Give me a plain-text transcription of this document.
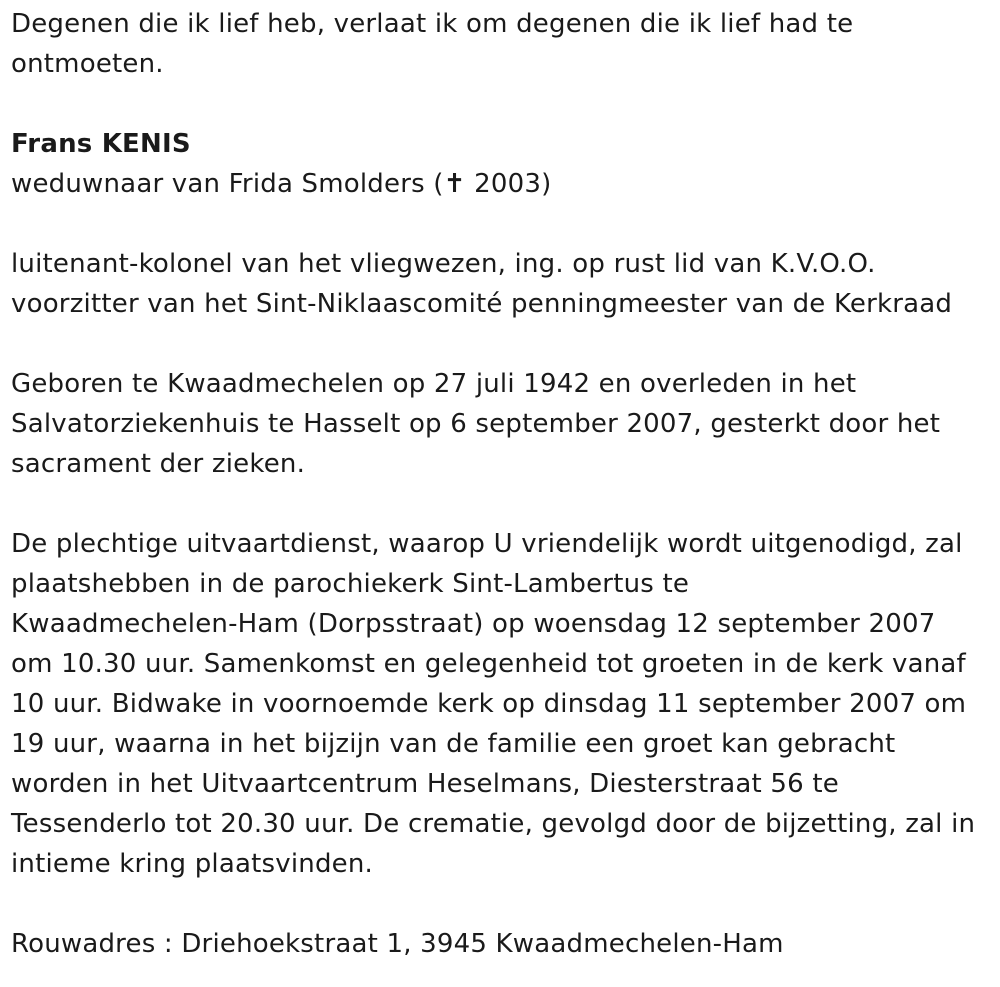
Degenen die ik lief heb, verlaat ik om degenen die ik lief had te
ontmoeten.

Frans KENIS

weduwnaar van Frida Smolders (✝ 2003)

luitenant-kolonel van het vliegwezen, ing. op rust lid van K.V.O.O.
voorzitter van het Sint-Niklaascomité penningmeester van de Kerkraad

Geboren te Kwaadmechelen op 27 juli 1942 en overleden in het
Salvatorziekenhuis te Hasselt op 6 september 2007, gesterkt door het
sacrament der zieken.

De plechtige uitvaartdienst, waarop U vriendelijk wordt uitgenodigd, zal
plaatshebben in de parochiekerk Sint-Lambertus te
Kwaadmechelen-Ham (Dorpsstraat) op woensdag 12 september 2007
om 10.30 uur. Samenkomst en gelegenheid tot groeten in de kerk vanaf
10 uur. Bidwake in voornoemde kerk op dinsdag 11 september 2007 om
19 uur, waarna in het bijzijn van de familie een groet kan gebracht
worden in het Uitvaartcentrum Heselmans, Diesterstraat 56 te
Tessenderlo tot 20.30 uur. De crematie, gevolgd door de bijzetting, zal in
intieme kring plaatsvinden.

Rouwadres : Driehoekstraat 1, 3945 Kwaadmechelen-Ham
